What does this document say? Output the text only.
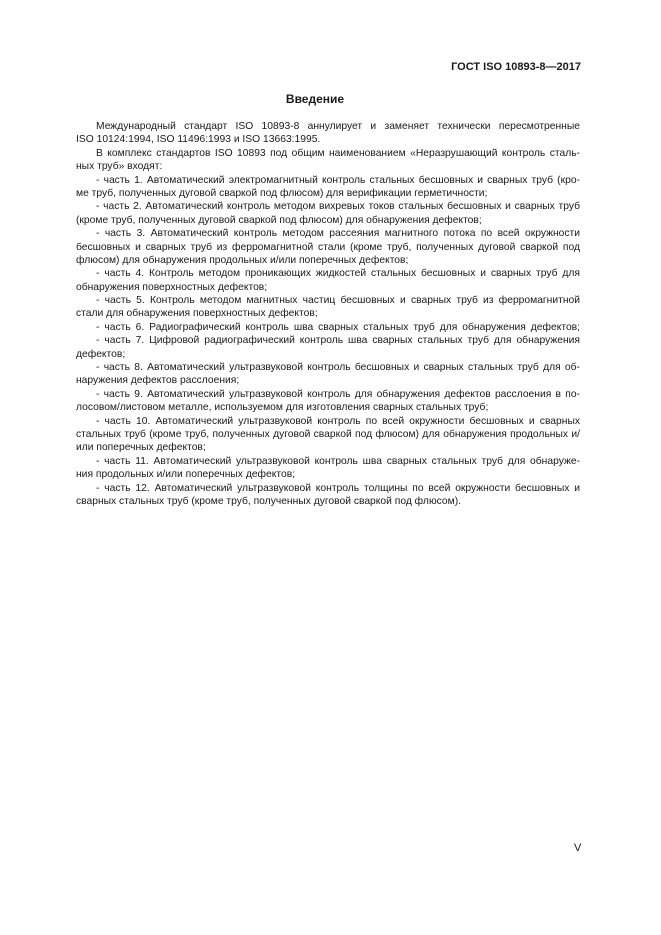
ГОСТ ISO 10893-8—2017
Введение
Международный стандарт ISO 10893-8 аннулирует и заменяет технически пересмотренные
ISO 10124:1994, ISO 11496:1993 и ISO 13663:1995.
В комплекс стандартов ISO 10893 под общим наименованием «Неразрушающий контроль сталь-
ных труб» входят:
- часть 1. Автоматический электромагнитный контроль стальных бесшовных и сварных труб (кро-
ме труб, полученных дуговой сваркой под флюсом) для верификации герметичности;
- часть 2. Автоматический контроль методом вихревых токов стальных бесшовных и сварных труб
(кроме труб, полученных дуговой сваркой под флюсом) для обнаружения дефектов;
- часть 3. Автоматический контроль методом рассеяния магнитного потока по всей окружности
бесшовных и сварных труб из ферромагнитной стали (кроме труб, полученных дуговой сваркой под
флюсом) для обнаружения продольных и/или поперечных дефектов;
- часть 4. Контроль методом проникающих жидкостей стальных бесшовных и сварных труб для
обнаружения поверхностных дефектов;
- часть 5. Контроль методом магнитных частиц бесшовных и сварных труб из ферромагнитной
стали для обнаружения поверхностных дефектов;
- часть 6. Радиографический контроль шва сварных стальных труб для обнаружения дефектов;
- часть 7. Цифровой радиографический контроль шва сварных стальных труб для обнаружения
дефектов;
- часть 8. Автоматический ультразвуковой контроль бесшовных и сварных стальных труб для об-
наружения дефектов расслоения;
- часть 9. Автоматический ультразвуковой контроль для обнаружения дефектов расслоения в по-
лосовом/листовом металле, используемом для изготовления сварных стальных труб;
- часть 10. Автоматический ультразвуковой контроль по всей окружности бесшовных и сварных
стальных труб (кроме труб, полученных дуговой сваркой под флюсом) для обнаружения продольных и/
или поперечных дефектов;
- часть 11. Автоматический ультразвуковой контроль шва сварных стальных труб для обнаруже-
ния продольных и/или поперечных дефектов;
- часть 12. Автоматический ультразвуковой контроль толщины по всей окружности бесшовных и
сварных стальных труб (кроме труб, полученных дуговой сваркой под флюсом).
V
